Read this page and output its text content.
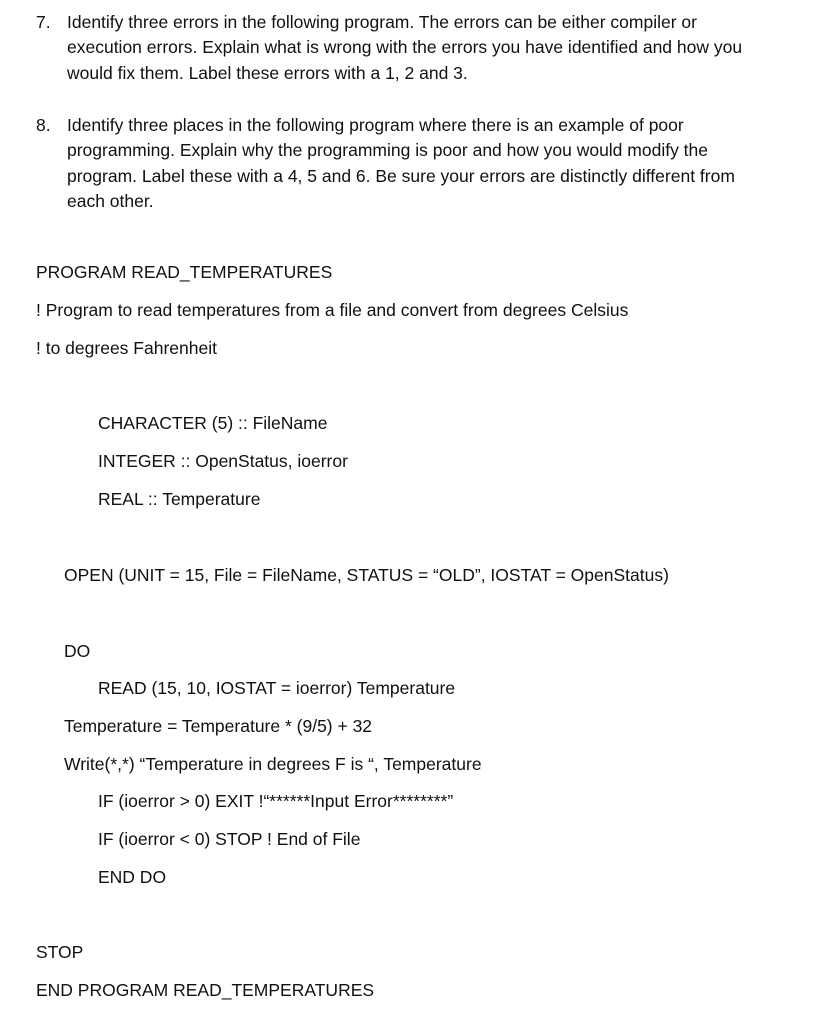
7. Identify three errors in the following program. The errors can be either compiler or
execution errors. Explain what is wrong with the errors you have identified and how you
would fix them. Label these errors with a 1, 2 and 3.
8. Identify three places in the following program where there is an example of poor
programming. Explain why the programming is poor and how you would modify the
program. Label these with a 4, 5 and 6. Be sure your errors are distinctly different from
each other.
PROGRAM READ_TEMPERATURES
! Program to read temperatures from a file and convert from degrees Celsius
! to degrees Fahrenheit
CHARACTER (5) :: FileName
INTEGER :: OpenStatus, ioerror
REAL :: Temperature
OPEN (UNIT = 15, File = FileName, STATUS = “OLD”, IOSTAT = OpenStatus)
DO
READ (15, 10, IOSTAT = ioerror) Temperature
Temperature = Temperature * (9/5) + 32
Write(*,*) “Temperature in degrees F is “, Temperature
IF (ioerror > 0) EXIT !“******Input Error********”
IF (ioerror < 0) STOP ! End of File
END DO
STOP
END PROGRAM READ_TEMPERATURES
